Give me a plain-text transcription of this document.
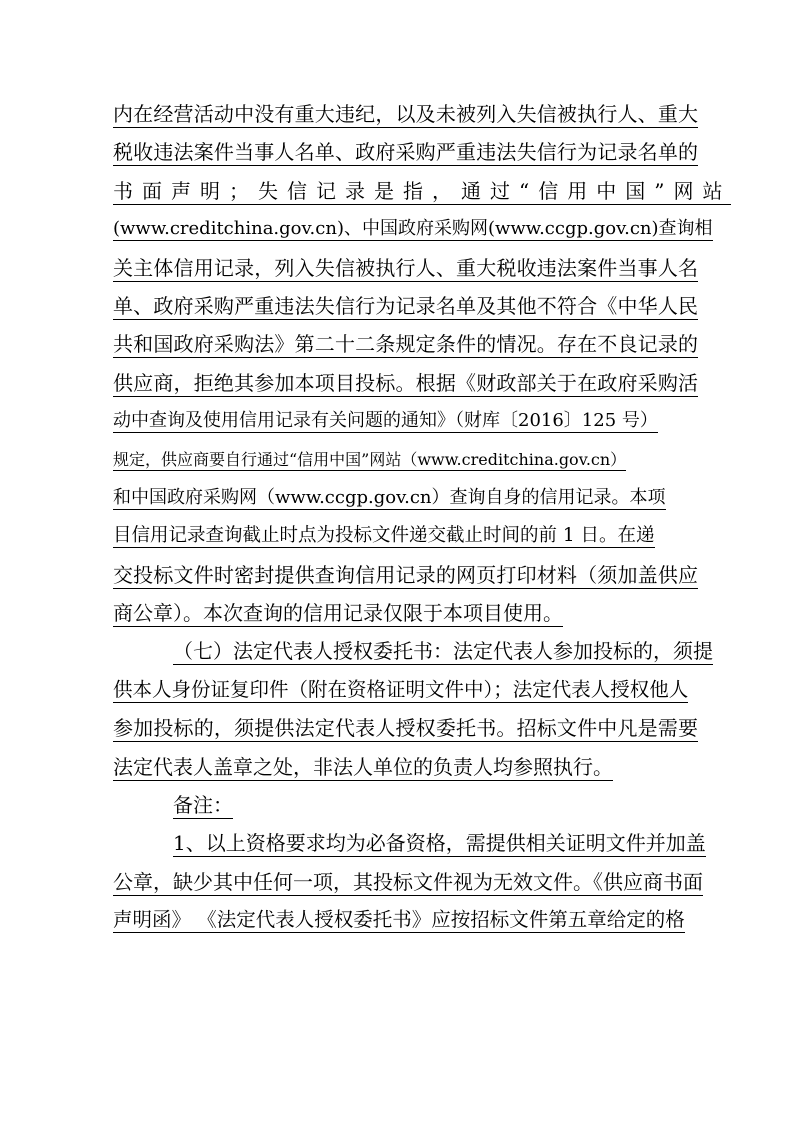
内在经营活动中没有重大违纪，以及未被列入失信被执行人、重大
税收违法案件当事人名单、政府采购严重违法失信行为记录名单的
书面声明；失信记录是指，通过“信用中国”网站
(www.creditchina.gov.cn)、中国政府采购网(www.ccgp.gov.cn)查询相
关主体信用记录，列入失信被执行人、重大税收违法案件当事人名
单、政府采购严重违法失信行为记录名单及其他不符合《中华人民
共和国政府采购法》第二十二条规定条件的情况。存在不良记录的
供应商，拒绝其参加本项目投标。根据《财政部关于在政府采购活
动中查询及使用信用记录有关问题的通知》（财库〔2016〕125 号）
规定，供应商要自行通过“信用中国”网站（www.creditchina.gov.cn）
和中国政府采购网（www.ccgp.gov.cn）查询自身的信用记录。本项
目信用记录查询截止时点为投标文件递交截止时间的前 1 日。在递
交投标文件时密封提供查询信用记录的网页打印材料（须加盖供应
商公章）。本次查询的信用记录仅限于本项目使用。
（七）法定代表人授权委托书：法定代表人参加投标的，须提
供本人身份证复印件（附在资格证明文件中）；法定代表人授权他人
参加投标的，须提供法定代表人授权委托书。招标文件中凡是需要
法定代表人盖章之处，非法人单位的负责人均参照执行。
备注：
1、以上资格要求均为必备资格，需提供相关证明文件并加盖
公章，缺少其中任何一项，其投标文件视为无效文件。《供应商书面
声明函》 《法定代表人授权委托书》应按招标文件第五章给定的格
